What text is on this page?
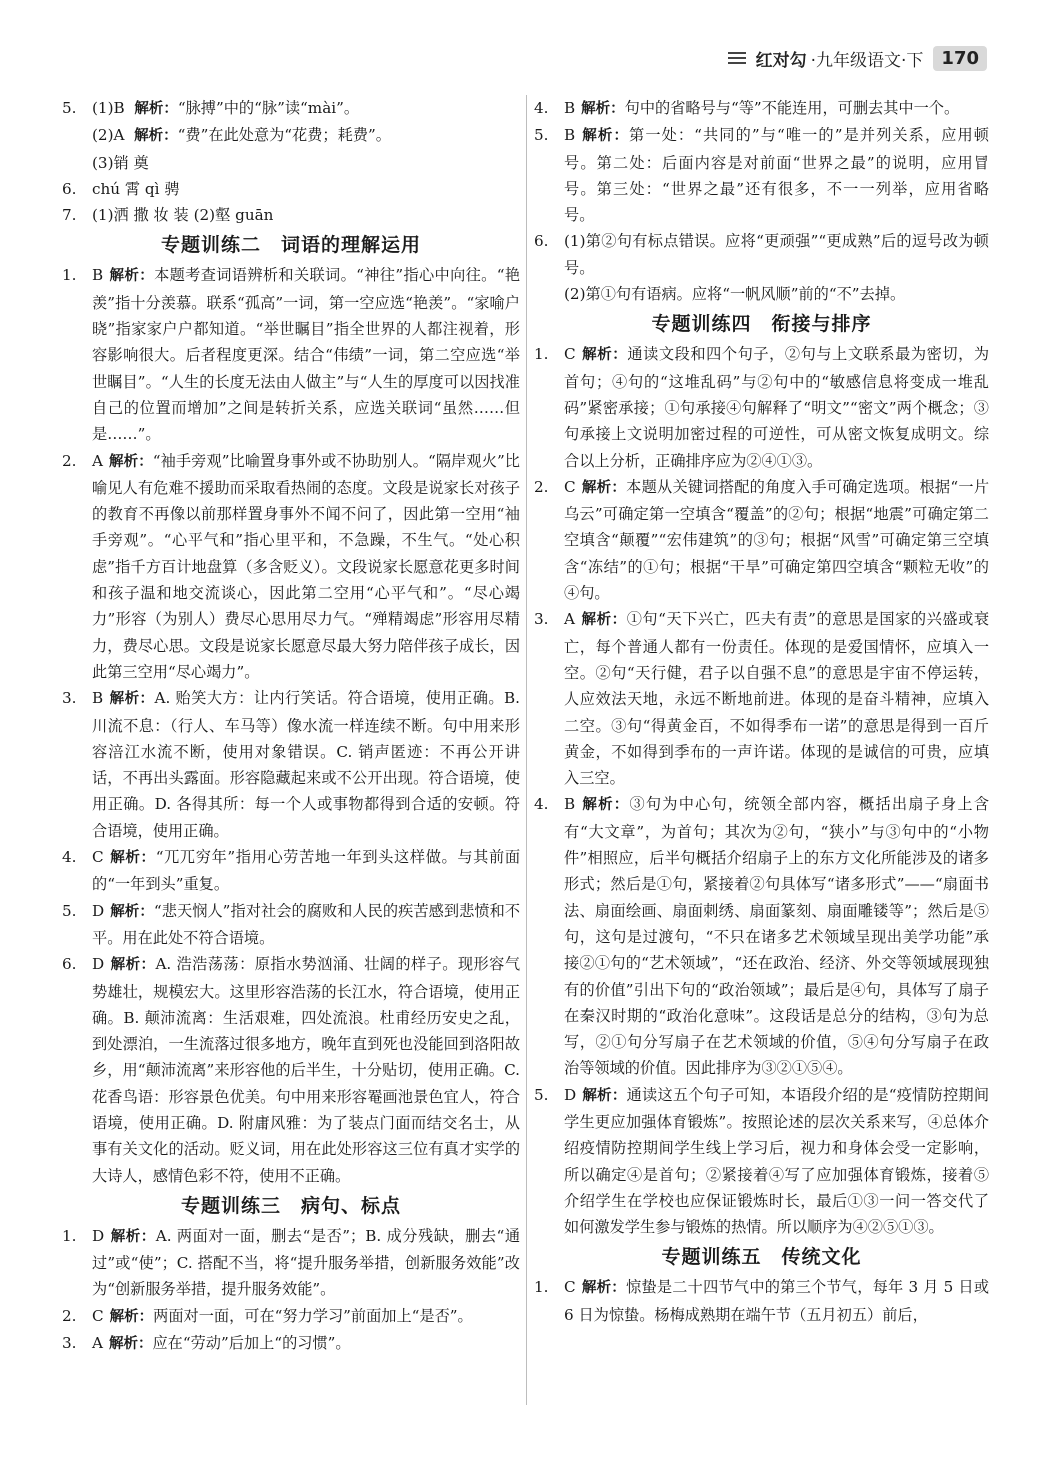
红对勾 ·九年级语文·下	170
5. (1)B 解析：“脉搏”中的“脉”读“mài”。
(2)A 解析：“费”在此处意为“花费；耗费”。
(3)销 奠
6. chú 霄 qì 骋
7. (1)洒 撒 妆 装 (2)壑 guān
专题训练二 词语的理解运用
1. B 解析：本题考查词语辨析和关联词。“神往”指心中向往。“艳羡”指十分羡慕。联系“孤高”一词，第一空应选“艳羡”。“家喻户晓”指家家户户都知道。“举世瞩目”指全世界的人都注视着，形容影响很大。后者程度更深。结合“伟绩”一词，第二空应选“举世瞩目”。“人生的长度无法由人做主”与“人生的厚度可以因找准自己的位置而增加”之间是转折关系，应选关联词“虽然……但是……”。
2. A 解析：“袖手旁观”比喻置身事外或不协助别人。“隔岸观火”比喻见人有危难不援助而采取看热闹的态度。文段是说家长对孩子的教育不再像以前那样置身事外不闻不问了，因此第一空用“袖手旁观”。“心平气和”指心里平和，不急躁，不生气。“处心积虑”指千方百计地盘算（多含贬义）。文段说家长愿意花更多时间和孩子温和地交流谈心，因此第二空用“心平气和”。“尽心竭力”形容（为别人）费尽心思用尽力气。“殚精竭虑”形容用尽精力，费尽心思。文段是说家长愿意尽最大努力陪伴孩子成长，因此第三空用“尽心竭力”。
3. B 解析：A. 贻笑大方：让内行笑话。符合语境，使用正确。B. 川流不息：（行人、车马等）像水流一样连续不断。句中用来形容涪江水流不断，使用对象错误。C. 销声匿迹：不再公开讲话，不再出头露面。形容隐藏起来或不公开出现。符合语境，使用正确。D. 各得其所：每一个人或事物都得到合适的安顿。符合语境，使用正确。
4. C 解析：“兀兀穷年”指用心劳苦地一年到头这样做。与其前面的“一年到头”重复。
5. D 解析：“悲天悯人”指对社会的腐败和人民的疾苦感到悲愤和不平。用在此处不符合语境。
6. D 解析：A. 浩浩荡荡：原指水势汹涌、壮阔的样子。现形容气势雄壮，规模宏大。这里形容浩荡的长江水，符合语境，使用正确。B. 颠沛流离：生活艰难，四处流浪。杜甫经历安史之乱，到处漂泊，一生流落过很多地方，晚年直到死也没能回到洛阳故乡，用“颠沛流离”来形容他的后半生，十分贴切，使用正确。C. 花香鸟语：形容景色优美。句中用来形容罨画池景色宜人，符合语境，使用正确。D. 附庸风雅：为了装点门面而结交名士，从事有关文化的活动。贬义词，用在此处形容这三位有真才实学的大诗人，感情色彩不符，使用不正确。
专题训练三 病句、标点
1. D 解析：A. 两面对一面，删去“是否”；B. 成分残缺，删去“通过”或“使”；C. 搭配不当，将“提升服务举措，创新服务效能”改为“创新服务举措，提升服务效能”。
2. C 解析：两面对一面，可在“努力学习”前面加上“是否”。
3. A 解析：应在“劳动”后加上“的习惯”。
4. B 解析：句中的省略号与“等”不能连用，可删去其中一个。
5. B 解析：第一处：“共同的”与“唯一的”是并列关系，应用顿号。第二处：后面内容是对前面“世界之最”的说明，应用冒号。第三处：“世界之最”还有很多，不一一列举，应用省略号。
6. (1)第②句有标点错误。应将“更顽强”“更成熟”后的逗号改为顿号。
(2)第①句有语病。应将“一帆风顺”前的“不”去掉。
专题训练四 衔接与排序
1. C 解析：通读文段和四个句子，②句与上文联系最为密切，为首句；④句的“这堆乱码”与②句中的“敏感信息将变成一堆乱码”紧密承接；①句承接④句解释了“明文”“密文”两个概念；③句承接上文说明加密过程的可逆性，可从密文恢复成明文。综合以上分析，正确排序应为②④①③。
2. C 解析：本题从关键词搭配的角度入手可确定选项。根据“一片乌云”可确定第一空填含“覆盖”的②句；根据“地震”可确定第二空填含“颠覆”“宏伟建筑”的③句；根据“风雪”可确定第三空填含“冻结”的①句；根据“干旱”可确定第四空填含“颗粒无收”的④句。
3. A 解析：①句“天下兴亡，匹夫有责”的意思是国家的兴盛或衰亡，每个普通人都有一份责任。体现的是爱国情怀，应填入一空。②句“天行健，君子以自强不息”的意思是宇宙不停运转，人应效法天地，永远不断地前进。体现的是奋斗精神，应填入二空。③句“得黄金百，不如得季布一诺”的意思是得到一百斤黄金，不如得到季布的一声许诺。体现的是诚信的可贵，应填入三空。
4. B 解析：③句为中心句，统领全部内容，概括出扇子身上含有“大文章”，为首句；其次为②句，“狭小”与③句中的“小物件”相照应，后半句概括介绍扇子上的东方文化所能涉及的诸多形式；然后是①句，紧接着②句具体写“诸多形式”——“扇面书法、扇面绘画、扇面刺绣、扇面篆刻、扇面雕镂等”；然后是⑤句，这句是过渡句，“不只在诸多艺术领域呈现出美学功能”承接②①句的“艺术领域”，“还在政治、经济、外交等领域展现独有的价值”引出下句的“政治领域”；最后是④句，具体写了扇子在秦汉时期的“政治化意味”。这段话是总分的结构，③句为总写，②①句分写扇子在艺术领域的价值，⑤④句分写扇子在政治等领域的价值。因此排序为③②①⑤④。
5. D 解析：通读这五个句子可知，本语段介绍的是“疫情防控期间学生更应加强体育锻炼”。按照论述的层次关系来写，④总体介绍疫情防控期间学生线上学习后，视力和身体会受一定影响，所以确定④是首句；②紧接着④写了应加强体育锻炼，接着⑤介绍学生在学校也应保证锻炼时长，最后①③一问一答交代了如何激发学生参与锻炼的热情。所以顺序为④②⑤①③。
专题训练五 传统文化
1. C 解析：惊蛰是二十四节气中的第三个节气，每年 3 月 5 日或 6 日为惊蛰。杨梅成熟期在端午节（五月初五）前后，
